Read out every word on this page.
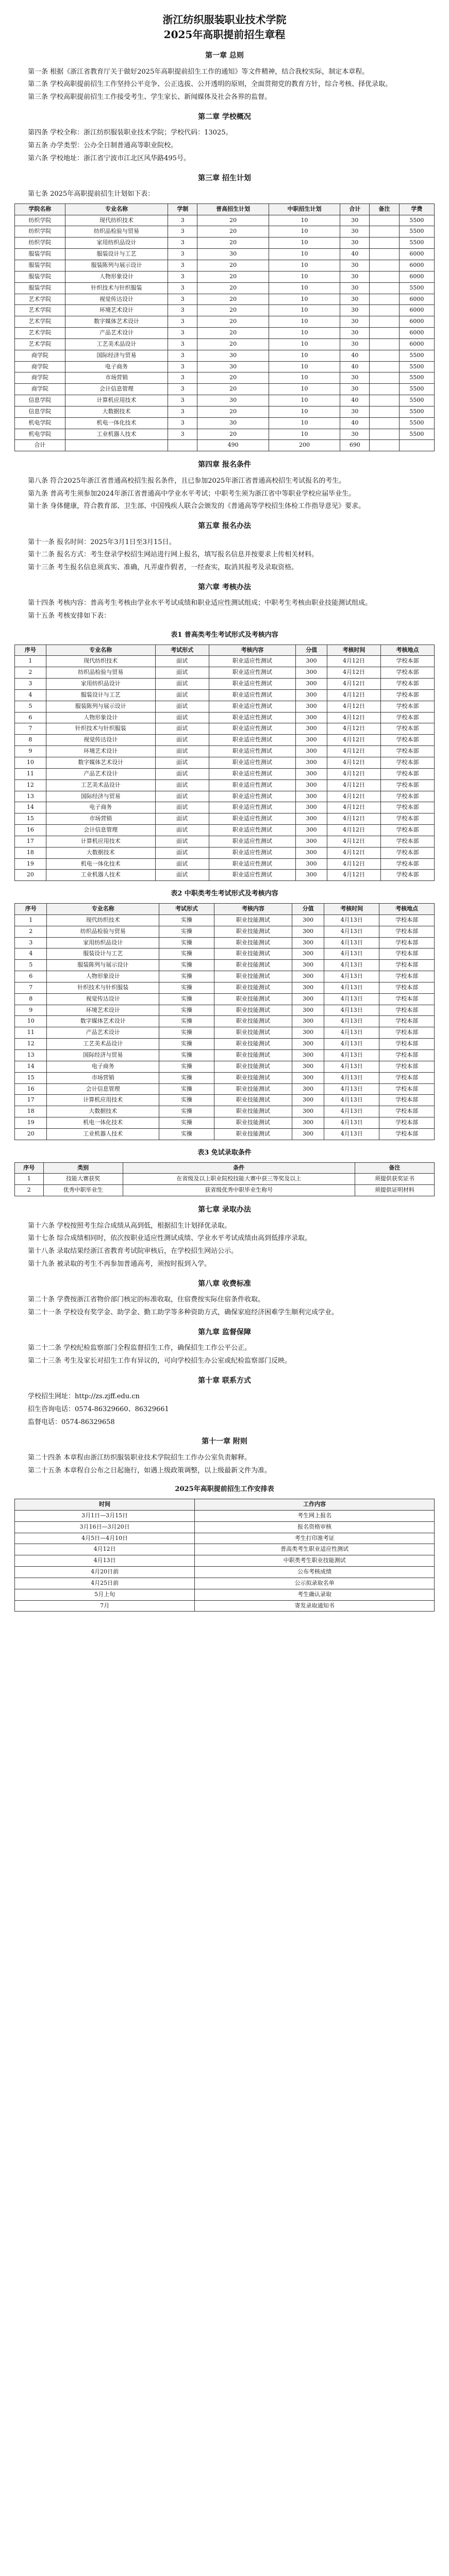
浙江纺织服装职业技术学院
2025年高职提前招生章程
第一章 总则

第一条 根据《浙江省教育厅关于做好2025年高职提前招生工作的通知》等文件精神，结合我校实际，制定本章程。

第二条 学校高职提前招生工作坚持公平竞争、公正选拔、公开透明的原则，全面贯彻党的教育方针，综合考核、择优录取。

第三条 学校高职提前招生工作接受考生、学生家长、新闻媒体及社会各界的监督。

第二章 学校概况

第四条 学校全称：浙江纺织服装职业技术学院；学校代码：13025。

第五条 办学类型：公办全日制普通高等职业院校。

第六条 学校地址：浙江省宁波市江北区风华路495号。

第三章 招生计划

第七条 2025年高职提前招生计划如下表：

学院名称	专业名称	学制	普高招生计划	中职招生计划	合计	备注	学费
纺织学院	现代纺织技术	3	20	10	30		5500
纺织学院	纺织品检验与贸易	3	20	10	30		5500
纺织学院	家用纺织品设计	3	20	10	30		5500
服装学院	服装设计与工艺	3	30	10	40		6000
服装学院	服装陈列与展示设计	3	20	10	30		6000
服装学院	人物形象设计	3	20	10	30		6000
服装学院	针织技术与针织服装	3	20	10	30		5500
艺术学院	视觉传达设计	3	20	10	30		6000
艺术学院	环境艺术设计	3	20	10	30		6000
艺术学院	数字媒体艺术设计	3	20	10	30		6000
艺术学院	产品艺术设计	3	20	10	30		6000
艺术学院	工艺美术品设计	3	20	10	30		6000
商学院	国际经济与贸易	3	30	10	40		5500
商学院	电子商务	3	30	10	40		5500
商学院	市场营销	3	20	10	30		5500
商学院	会计信息管理	3	20	10	30		5500
信息学院	计算机应用技术	3	30	10	40		5500
信息学院	大数据技术	3	20	10	30		5500
机电学院	机电一体化技术	3	30	10	40		5500
机电学院	工业机器人技术	3	20	10	30		5500
合计			490	200	690		
第四章 报名条件

第八条 符合2025年浙江省普通高校招生报名条件，且已参加2025年浙江省普通高校招生考试报名的考生。

第九条 普高考生须参加2024年浙江省普通高中学业水平考试；中职考生须为浙江省中等职业学校应届毕业生。

第十条 身体健康，符合教育部、卫生部、中国残疾人联合会颁发的《普通高等学校招生体检工作指导意见》要求。

第五章 报名办法

第十一条 报名时间：2025年3月1日至3月15日。

第十二条 报名方式：考生登录学校招生网站进行网上报名，填写报名信息并按要求上传相关材料。

第十三条 考生报名信息须真实、准确，凡弄虚作假者，一经查实，取消其报考及录取资格。

第六章 考核办法

第十四条 考核内容：普高考生考核由学业水平考试成绩和职业适应性测试组成；中职考生考核由职业技能测试组成。

第十五条 考核安排如下表：

表1 普高类考生考试形式及考核内容
序号	专业名称	考试形式	考核内容	分值	考核时间	考核地点
1	现代纺织技术	面试	职业适应性测试	300	4月12日	学校本部
2	纺织品检验与贸易	面试	职业适应性测试	300	4月12日	学校本部
3	家用纺织品设计	面试	职业适应性测试	300	4月12日	学校本部
4	服装设计与工艺	面试	职业适应性测试	300	4月12日	学校本部
5	服装陈列与展示设计	面试	职业适应性测试	300	4月12日	学校本部
6	人物形象设计	面试	职业适应性测试	300	4月12日	学校本部
7	针织技术与针织服装	面试	职业适应性测试	300	4月12日	学校本部
8	视觉传达设计	面试	职业适应性测试	300	4月12日	学校本部
9	环境艺术设计	面试	职业适应性测试	300	4月12日	学校本部
10	数字媒体艺术设计	面试	职业适应性测试	300	4月12日	学校本部
11	产品艺术设计	面试	职业适应性测试	300	4月12日	学校本部
12	工艺美术品设计	面试	职业适应性测试	300	4月12日	学校本部
13	国际经济与贸易	面试	职业适应性测试	300	4月12日	学校本部
14	电子商务	面试	职业适应性测试	300	4月12日	学校本部
15	市场营销	面试	职业适应性测试	300	4月12日	学校本部
16	会计信息管理	面试	职业适应性测试	300	4月12日	学校本部
17	计算机应用技术	面试	职业适应性测试	300	4月12日	学校本部
18	大数据技术	面试	职业适应性测试	300	4月12日	学校本部
19	机电一体化技术	面试	职业适应性测试	300	4月12日	学校本部
20	工业机器人技术	面试	职业适应性测试	300	4月12日	学校本部
表2 中职类考生考试形式及考核内容
序号	专业名称	考试形式	考核内容	分值	考核时间	考核地点
1	现代纺织技术	实操	职业技能测试	300	4月13日	学校本部
2	纺织品检验与贸易	实操	职业技能测试	300	4月13日	学校本部
3	家用纺织品设计	实操	职业技能测试	300	4月13日	学校本部
4	服装设计与工艺	实操	职业技能测试	300	4月13日	学校本部
5	服装陈列与展示设计	实操	职业技能测试	300	4月13日	学校本部
6	人物形象设计	实操	职业技能测试	300	4月13日	学校本部
7	针织技术与针织服装	实操	职业技能测试	300	4月13日	学校本部
8	视觉传达设计	实操	职业技能测试	300	4月13日	学校本部
9	环境艺术设计	实操	职业技能测试	300	4月13日	学校本部
10	数字媒体艺术设计	实操	职业技能测试	300	4月13日	学校本部
11	产品艺术设计	实操	职业技能测试	300	4月13日	学校本部
12	工艺美术品设计	实操	职业技能测试	300	4月13日	学校本部
13	国际经济与贸易	实操	职业技能测试	300	4月13日	学校本部
14	电子商务	实操	职业技能测试	300	4月13日	学校本部
15	市场营销	实操	职业技能测试	300	4月13日	学校本部
16	会计信息管理	实操	职业技能测试	300	4月13日	学校本部
17	计算机应用技术	实操	职业技能测试	300	4月13日	学校本部
18	大数据技术	实操	职业技能测试	300	4月13日	学校本部
19	机电一体化技术	实操	职业技能测试	300	4月13日	学校本部
20	工业机器人技术	实操	职业技能测试	300	4月13日	学校本部
表3 免试录取条件
序号	类别	条件	备注
1	技能大赛获奖	在省级及以上职业院校技能大赛中获三等奖及以上	须提供获奖证书
2	优秀中职毕业生	获省级优秀中职毕业生称号	须提供证明材料
第七章 录取办法

第十六条 学校按照考生综合成绩从高到低，根据招生计划择优录取。

第十七条 综合成绩相同时，依次按职业适应性测试成绩、学业水平考试成绩由高到低排序录取。

第十八条 录取结果经浙江省教育考试院审核后，在学校招生网站公示。

第十九条 被录取的考生不再参加普通高考，须按时报到入学。

第八章 收费标准

第二十条 学费按浙江省物价部门核定的标准收取，住宿费按实际住宿条件收取。

第二十一条 学校设有奖学金、助学金、勤工助学等多种资助方式，确保家庭经济困难学生顺利完成学业。

第九章 监督保障

第二十二条 学校纪检监察部门全程监督招生工作，确保招生工作公平公正。

第二十三条 考生及家长对招生工作有异议的，可向学校招生办公室或纪检监察部门反映。

第十章 联系方式

学校招生网址：http://zs.zjff.edu.cn

招生咨询电话：0574-86329660、86329661

监督电话：0574-86329658

第十一章 附则

第二十四条 本章程由浙江纺织服装职业技术学院招生工作办公室负责解释。

第二十五条 本章程自公布之日起施行，如遇上级政策调整，以上级最新文件为准。

2025年高职提前招生工作安排表
时间	工作内容
3月1日—3月15日	考生网上报名
3月16日—3月20日	报名资格审核
4月5日—4月10日	考生打印准考证
4月12日	普高类考生职业适应性测试
4月13日	中职类考生职业技能测试
4月20日前	公布考核成绩
4月25日前	公示拟录取名单
5月上旬	考生确认录取
7月	寄发录取通知书
